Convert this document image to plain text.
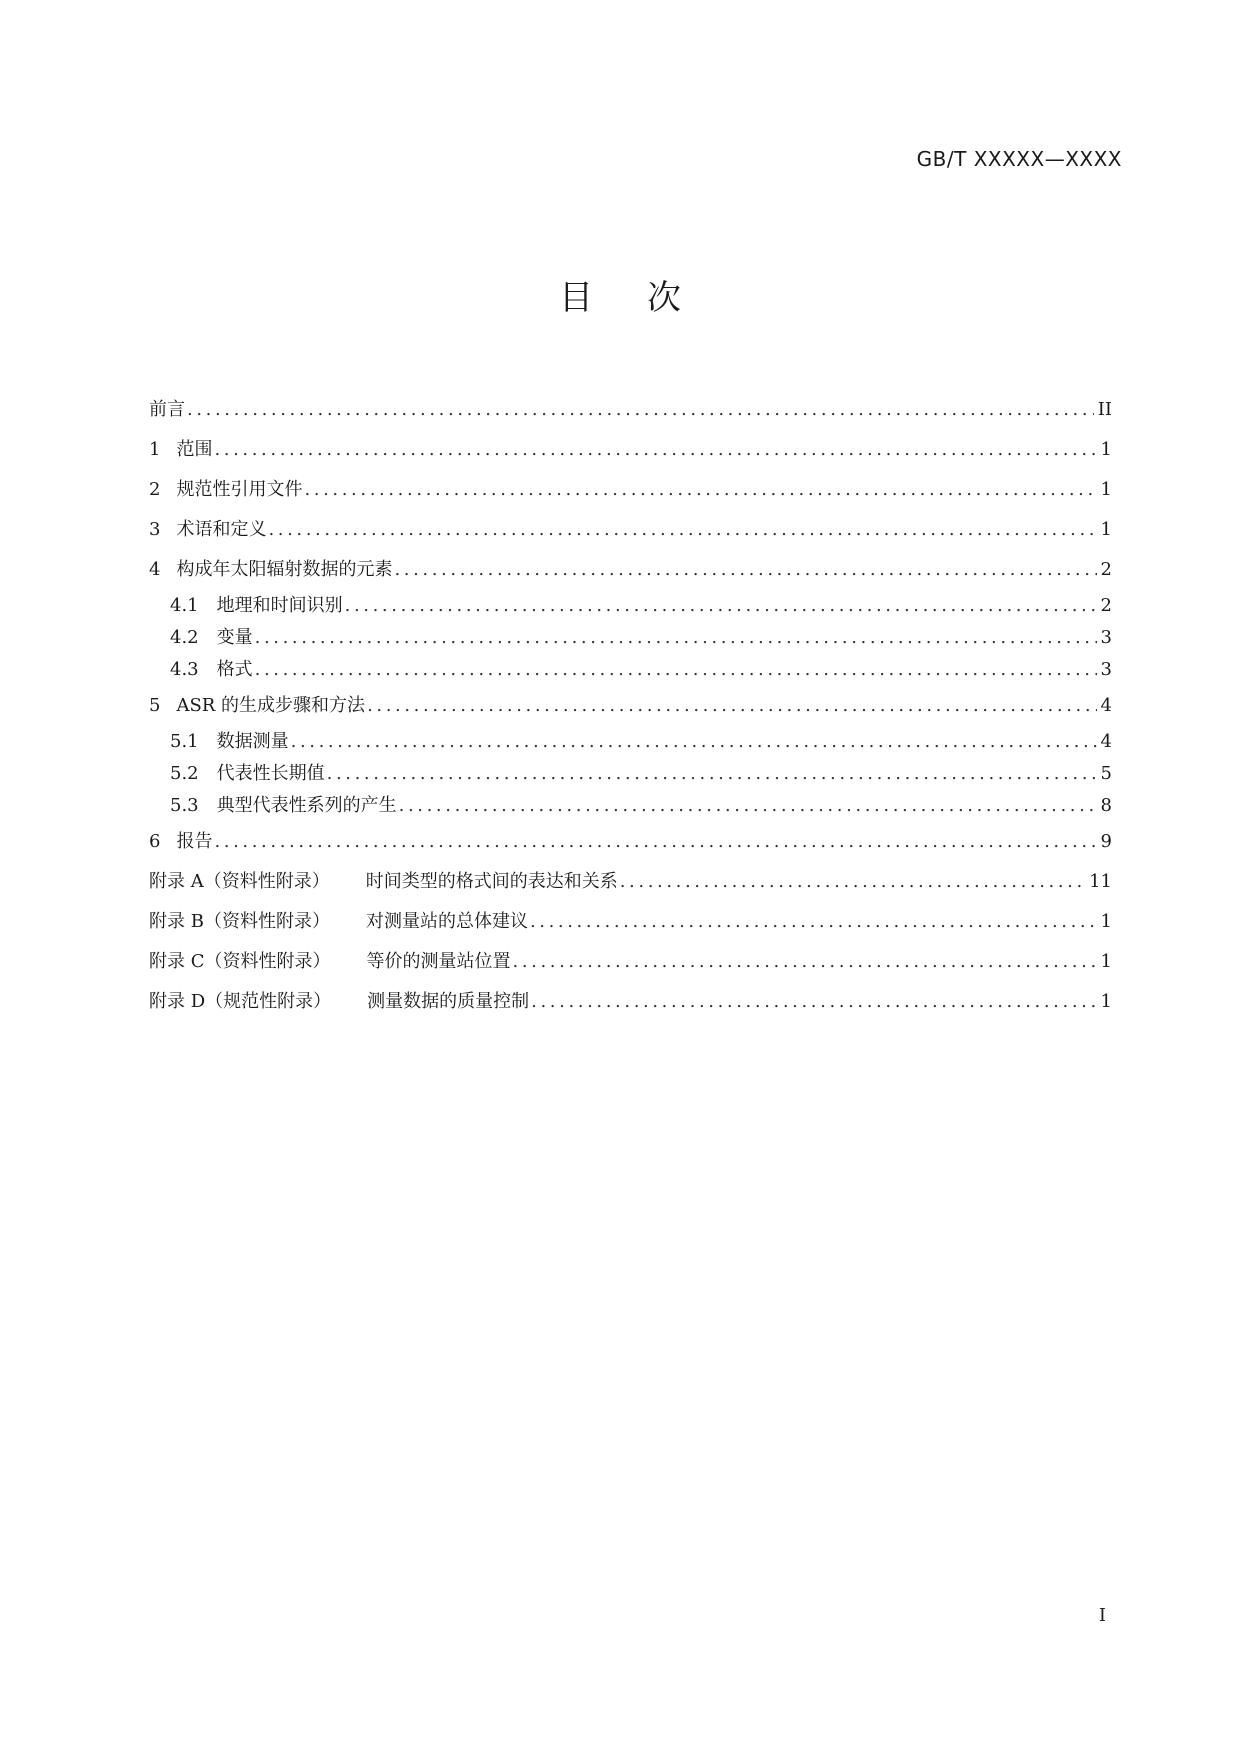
GB/T XXXXX—XXXX
目 次
前言 .....	II
1 范围 .....	1
2 规范性引用文件 .....	1
3 术语和定义 .....	1
4 构成年太阳辐射数据的元素 .....	2
4.1 地理和时间识别 .....	2
4.2 变量 .....	3
4.3 格式 .....	3
5 ASR 的生成步骤和方法 .....	4
5.1 数据测量 .....	4
5.2 代表性长期值 .....	5
5.3 典型代表性系列的产生 .....	8
6 报告 .....	9
附录 A（资料性附录） 时间类型的格式间的表达和关系 .....	11
附录 B（资料性附录） 对测量站的总体建议 .....	1
附录 C（资料性附录） 等价的测量站位置 .....	1
附录 D（规范性附录） 测量数据的质量控制 .....	1
I
